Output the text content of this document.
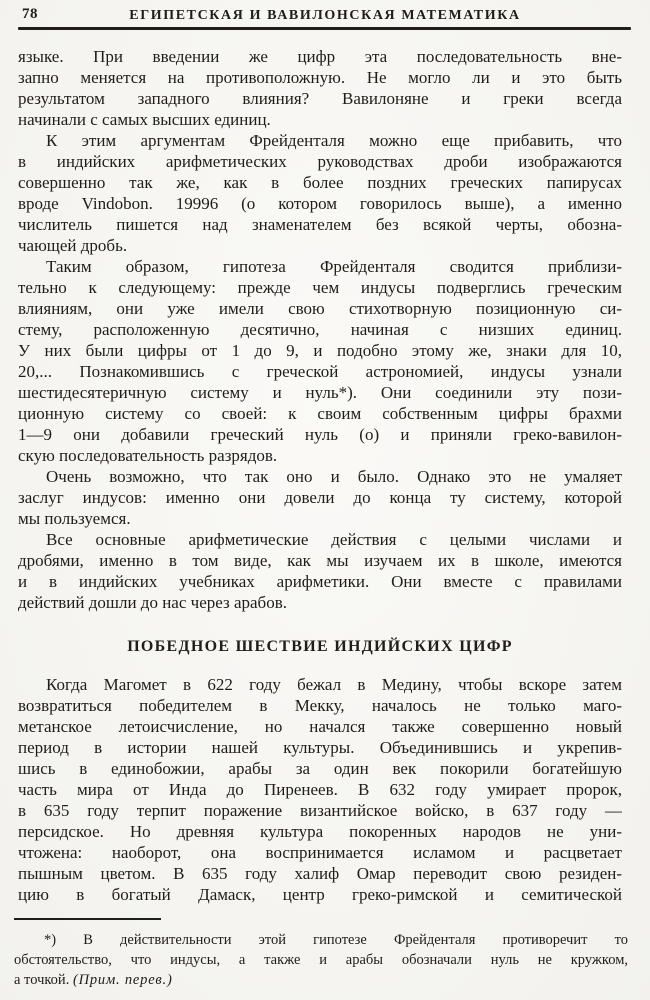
78	ЕГИПЕТСКАЯ И ВАВИЛОНСКАЯ МАТЕМАТИКА
языке. При введении же цифр эта последовательность вне-
запно меняется на противоположную. Не могло ли и это быть
результатом западного влияния? Вавилоняне и греки всегда
начинали с самых высших единиц.
К этим аргументам Фрейденталя можно еще прибавить, что
в индийских арифметических руководствах дроби изображаются
совершенно так же, как в более поздних греческих папирусах
вроде Vindobon. 19996 (о котором говорилось выше), а именно
числитель пишется над знаменателем без всякой черты, обозна-
чающей дробь.
Таким образом, гипотеза Фрейденталя сводится приблизи-
тельно к следующему: прежде чем индусы подверглись греческим
влияниям, они уже имели свою стихотворную позиционную си-
стему, расположенную десятично, начиная с низших единиц.
У них были цифры от 1 до 9, и подобно этому же, знаки для 10,
20,... Познакомившись с греческой астрономией, индусы узнали
шестидесятеричную систему и нуль*). Они соединили эту пози-
ционную систему со своей: к своим собственным цифры брахми
1—9 они добавили греческий нуль (о) и приняли греко-вавилон-
скую последовательность разрядов.
Очень возможно, что так оно и было. Однако это не умаляет
заслуг индусов: именно они довели до конца ту систему, которой
мы пользуемся.
Все основные арифметические действия с целыми числами и
дробями, именно в том виде, как мы изучаем их в школе, имеются
и в индийских учебниках арифметики. Они вместе с правилами
действий дошли до нас через арабов.
ПОБЕДНОЕ ШЕСТВИЕ ИНДИЙСКИХ ЦИФР
Когда Магомет в 622 году бежал в Медину, чтобы вскоре затем
возвратиться победителем в Мекку, началось не только маго-
метанское летоисчисление, но начался также совершенно новый
период в истории нашей культуры. Объединившись и укрепив-
шись в единобожии, арабы за один век покорили богатейшую
часть мира от Инда до Пиренеев. В 632 году умирает пророк,
в 635 году терпит поражение византийское войско, в 637 году —
персидское. Но древняя культура покоренных народов не уни-
чтожена: наоборот, она воспринимается исламом и расцветает
пышным цветом. В 635 году халиф Омар переводит свою резиден-
цию в богатый Дамаск, центр греко-римской и семитической
*) В действительности этой гипотезе Фрейденталя противоречит то
обстоятельство, что индусы, а также и арабы обозначали нуль не кружком,
а точкой. (Прим. перев.)
